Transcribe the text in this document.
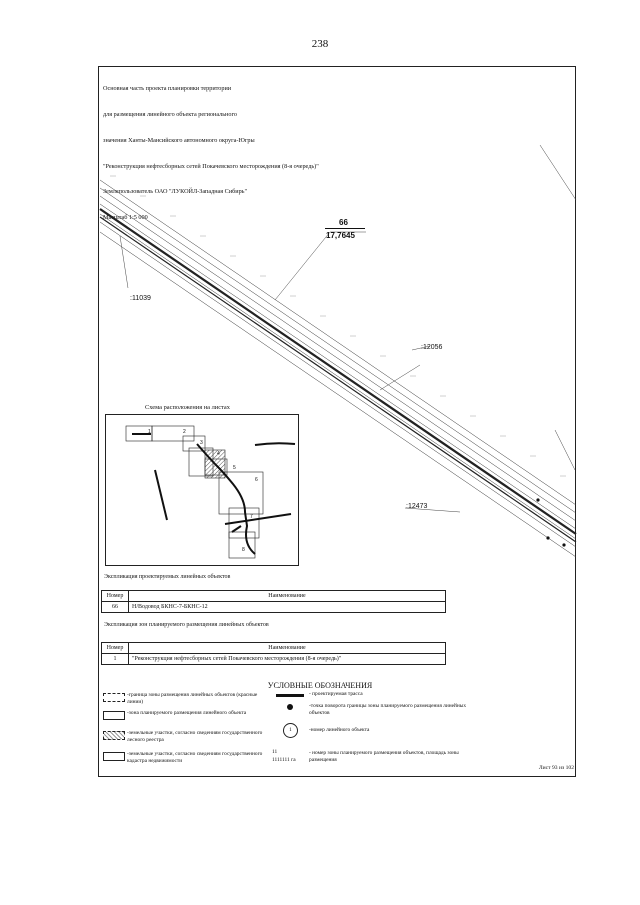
238

Основная часть проекта планировки территории

для размещения линейного объекта регионального

значения Ханты-Мансийского автономного округа-Югры

"Реконструкция нефтесборных сетей Покачевского месторождения (8-я очередь)"

Землепользователь ОАО "ЛУКОЙЛ-Западная Сибирь"

Масштаб 1:5 000

66
17,7645
:11039
:12056
:12473
Схема расположения на листах
1	2
3
4
5
6
7
8
Экспликация проектируемых линейных объектов
Номер	Наименование
66	Н/Водовод БКНС-7-БКНС-12
Экспликация зон планируемого размещения линейных объектов
Номер	Наименование
1	"Реконструкция нефтесборных сетей Покачевского месторождения (8-я очередь)"
УСЛОВНЫЕ ОБОЗНАЧЕНИЯ
-граница зоны размещения линейных объектов (красные линии)
-зона планируемого размещения линейного объекта
-земельные участки, согласно сведениям государственного лесного реестра
-земельные участки, согласно сведениям государственного кадастра недвижимости
- проектируемая трасса
-точка поворота границы зоны планируемого размещения линейных объектов
1	-номер линейного объекта
11
1111111 га
- номер зоны планируемого размещения объектов, площадь зоны размещения
Лист 93 из 102
